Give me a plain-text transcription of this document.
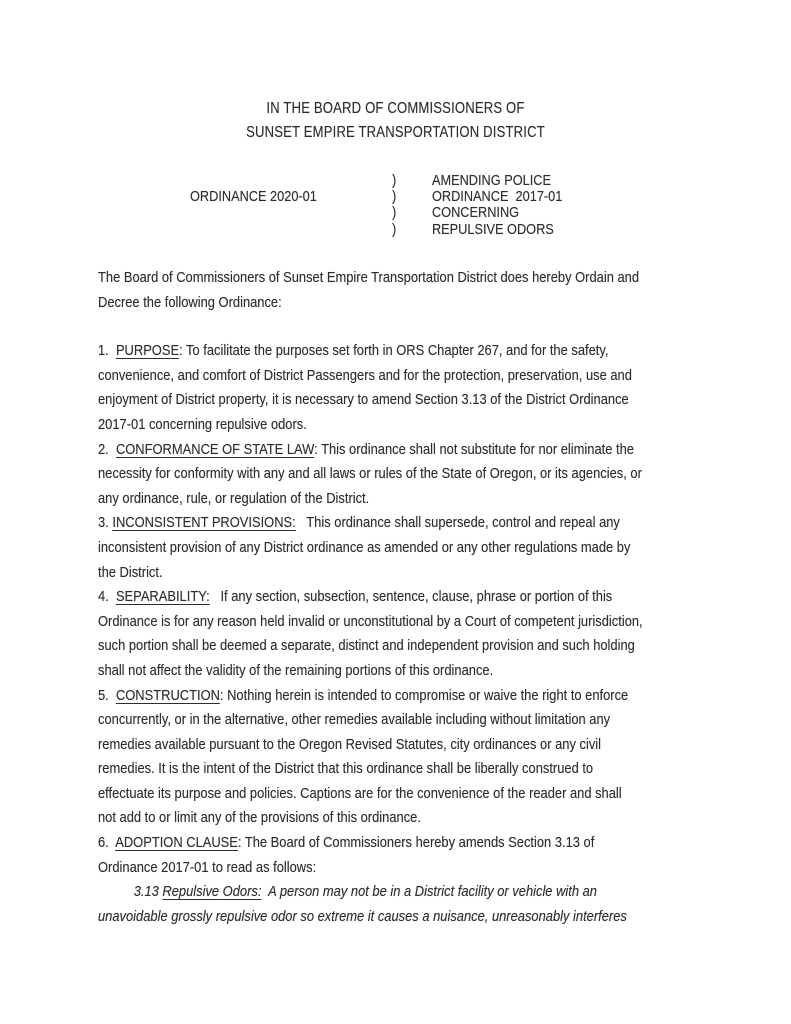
IN THE BOARD OF COMMISSIONERS OF
SUNSET EMPIRE TRANSPORTATION DISTRICT
ORDINANCE 2020-01
)	AMENDING POLICE
)	ORDINANCE  2017-01
)	CONCERNING
)	REPULSIVE ODORS
The Board of Commissioners of Sunset Empire Transportation District does hereby Ordain and
Decree the following Ordinance:
1.  PURPOSE: To facilitate the purposes set forth in ORS Chapter 267, and for the safety,
convenience, and comfort of District Passengers and for the protection, preservation, use and
enjoyment of District property, it is necessary to amend Section 3.13 of the District Ordinance
2017-01 concerning repulsive odors.
2.  CONFORMANCE OF STATE LAW: This ordinance shall not substitute for nor eliminate the
necessity for conformity with any and all laws or rules of the State of Oregon, or its agencies, or
any ordinance, rule, or regulation of the District.
3. INCONSISTENT PROVISIONS:   This ordinance shall supersede, control and repeal any
inconsistent provision of any District ordinance as amended or any other regulations made by
the District.
4.  SEPARABILITY:   If any section, subsection, sentence, clause, phrase or portion of this
Ordinance is for any reason held invalid or unconstitutional by a Court of competent jurisdiction,
such portion shall be deemed a separate, distinct and independent provision and such holding
shall not affect the validity of the remaining portions of this ordinance.
5.  CONSTRUCTION: Nothing herein is intended to compromise or waive the right to enforce
concurrently, or in the alternative, other remedies available including without limitation any
remedies available pursuant to the Oregon Revised Statutes, city ordinances or any civil
remedies. It is the intent of the District that this ordinance shall be liberally construed to
effectuate its purpose and policies. Captions are for the convenience of the reader and shall
not add to or limit any of the provisions of this ordinance.
6.  ADOPTION CLAUSE: The Board of Commissioners hereby amends Section 3.13 of
Ordinance 2017-01 to read as follows:
3.13 Repulsive Odors:  A person may not be in a District facility or vehicle with an
unavoidable grossly repulsive odor so extreme it causes a nuisance, unreasonably interferes
